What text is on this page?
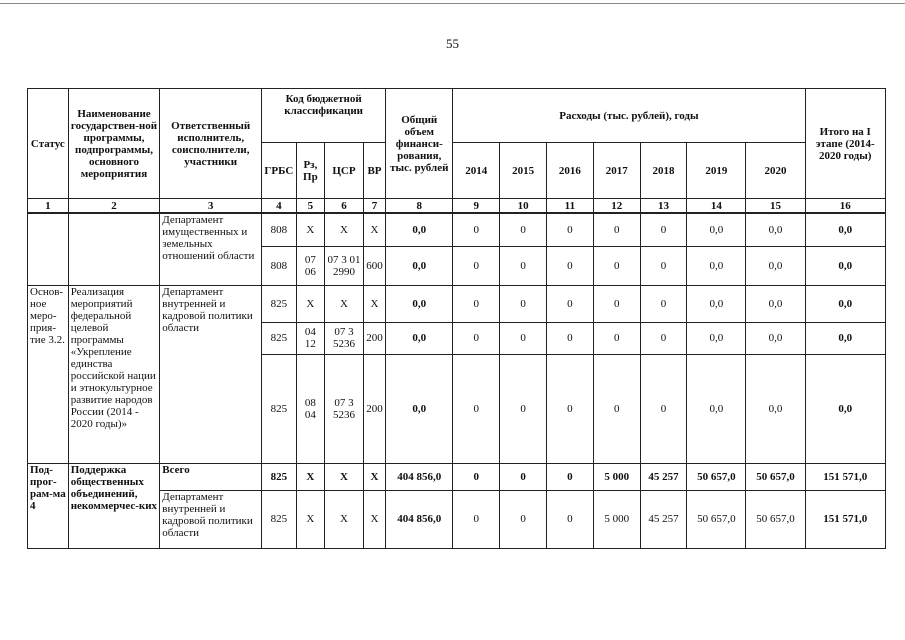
55
Статус	Наименование государствен-ной программы, подпрограммы, основного мероприятия	Ответственный исполнитель, соисполнители, участники	Код бюджетной классификации				Общий объем финанси-рования, тыс. рублей	Расходы (тыс. рублей), годы							Итого на I этапе (2014-2020 годы)
			ГРБС	Рз, Пр	ЦСР	ВР		2014	2015	2016	2017	2018	2019	2020	
1	2	3	4	5	6	7	8	9	10	11	12	13	14	15	16
		Департамент имущественных и земельных отношений области	808	X	X	X	0,0	0	0	0	0	0	0,0	0,0	0,0
			808	07 06	07 3 01 2990	600	0,0	0	0	0	0	0	0,0	0,0	0,0
Основ-ное меро-прия-тие 3.2.	Реализация мероприятий федеральной целевой программы «Укрепление единства российской нации и этнокультурное развитие народов России (2014 - 2020 годы)»	Департамент внутренней и кадровой политики области	825	X	X	X	0,0	0	0	0	0	0	0,0	0,0	0,0
			825	04 12	07 3 5236	200	0,0	0	0	0	0	0	0,0	0,0	0,0
			825	08 04	07 3 5236	200	0,0	0	0	0	0	0	0,0	0,0	0,0
Под-прог-рам-ма 4	Поддержка общественных объединений, некоммерчес-ких	Всего	825	X	X	X	404 856,0	0	0	0	5 000	45 257	50 657,0	50 657,0	151 571,0
		Департамент внутренней и кадровой политики области	825	X	X	X	404 856,0	0	0	0	5 000	45 257	50 657,0	50 657,0	151 571,0
